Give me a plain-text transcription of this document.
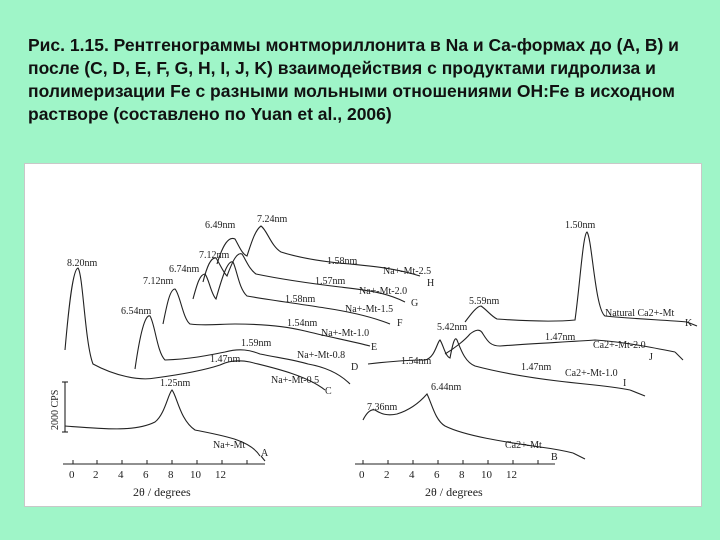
Рис. 1.15. Рентгенограммы монтмориллонита в Na и Ca-формах до (A, B) и после (C, D, E, F, G, H, I, J, K) взаимодействия с продуктами гидролиза и полимеризации Fe с разными мольными отношениями OH:Fe в исходном растворе (составлено по Yuan et al., 2006)

2000 CPS
0 2 4 6 8 10 12
2θ / degrees
0 2 4 6 8 10 12
2θ / degrees
8.20nm
1.25nm
Na+-Mt
A
1.47nm
Na+-Mt-0.5
C
1.59nm
6.54nm
Na+-Mt-0.8
D
1.54nm
7.12nm
Na+-Mt-1.0
E
1.58nm
6.74nm
Na+-Mt-1.5
F
1.57nm
7.12nm
Na+-Mt-2.0
G
1.58nm
6.49nm
7.24nm
Na+-Mt-2.5
H
7.36nm
Ca2+-Mt
B
1.47nm
6.44nm
1.54nm
Ca2+-Mt-1.0
I
1.47nm
5.42nm
Ca2+-Mt-2.0
J
1.50nm
5.59nm
Natural Ca2+-Mt
K
